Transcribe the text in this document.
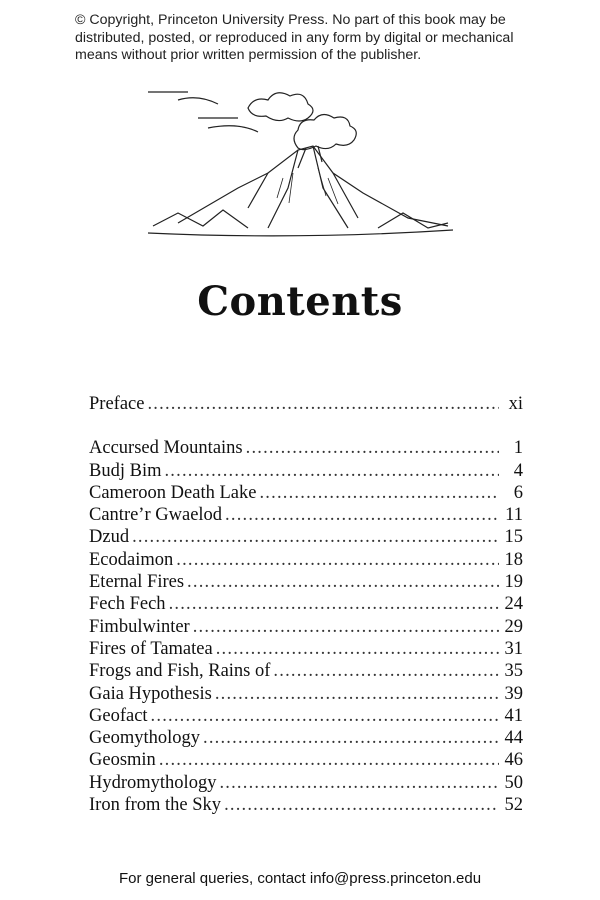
© Copyright, Princeton University Press. No part of this book may be distributed, posted, or reproduced in any form by digital or mechanical means without prior written permission of the publisher.
Contents
Preface .....	xi
Accursed Mountains .....	1
Budj Bim .....	4
Cameroon Death Lake .....	6
Cantre’r Gwaelod .....	11
Dzud .....	15
Ecodaimon .....	18
Eternal Fires .....	19
Fech Fech .....	24
Fimbulwinter .....	29
Fires of Tamatea .....	31
Frogs and Fish, Rains of .....	35
Gaia Hypothesis .....	39
Geofact .....	41
Geomythology .....	44
Geosmin .....	46
Hydromythology .....	50
Iron from the Sky .....	52
For general queries, contact info@press.princeton.edu
